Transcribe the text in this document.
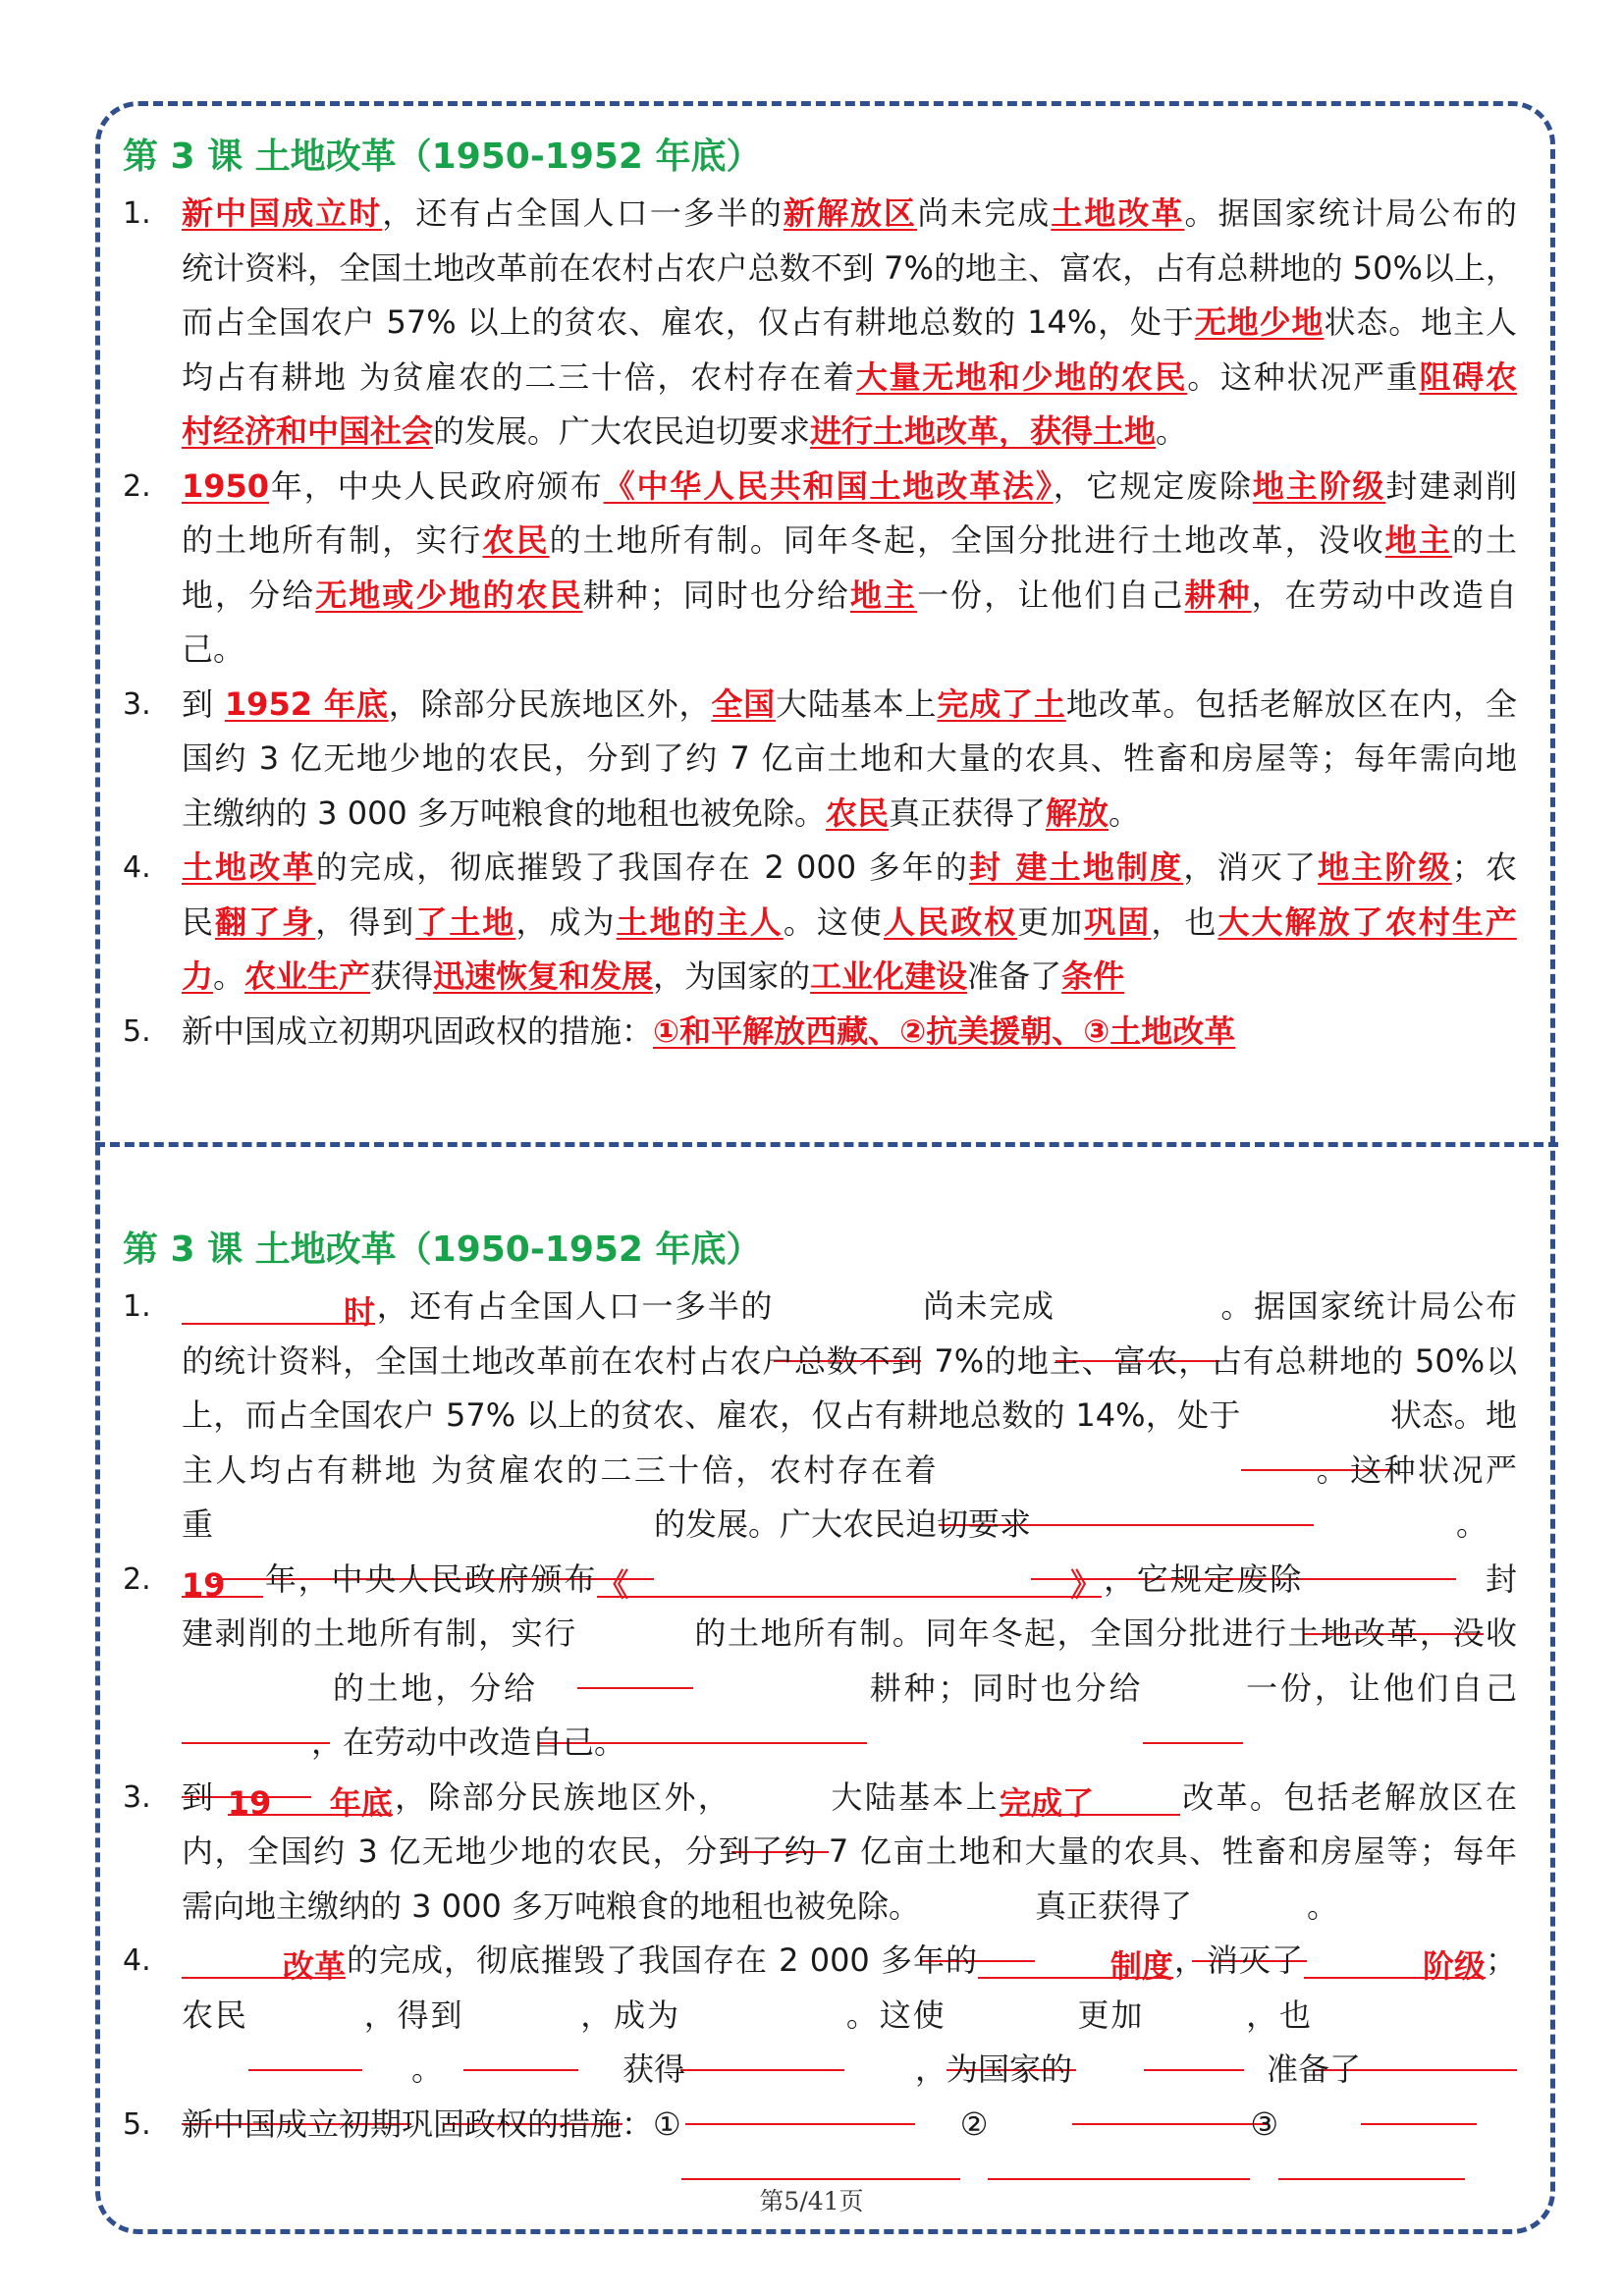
第 3 课 土地改革（1950-1952 年底）
1. 新中国成立时，还有占全国人口一多半的新解放区尚未完成土地改革。据国家统计局公布的
统计资料，全国土地改革前在农村占农户总数不到 7%的地主、富农，占有总耕地的 50%以上，
而占全国农户 57% 以上的贫农、雇农，仅占有耕地总数的 14%，处于无地少地状态。地主人
均占有耕地 为贫雇农的二三十倍，农村存在着大量无地和少地的农民。这种状况严重阻碍农
村经济和中国社会的发展。广大农民迫切要求进行土地改革，获得土地。
2. 1950年，中央人民政府颁布《中华人民共和国土地改革法》，它规定废除地主阶级封建剥削
的土地所有制，实行农民的土地所有制。同年冬起，全国分批进行土地改革，没收地主的土
地，分给无地或少地的农民耕种；同时也分给地主一份，让他们自己耕种，在劳动中改造自
己。
3. 到 1952 年底，除部分民族地区外，全国大陆基本上完成了土地改革。包括老解放区在内，全
国约 3 亿无地少地的农民，分到了约 7 亿亩土地和大量的农具、牲畜和房屋等；每年需向地
主缴纳的 3 000 多万吨粮食的地租也被免除。农民真正获得了解放。
4. 土地改革的完成，彻底摧毁了我国存在 2 000 多年的封 建土地制度，消灭了地主阶级；农
民翻了身，得到了土地，成为土地的主人。这使人民政权更加巩固，也大大解放了农村生产
力。农业生产获得迅速恢复和发展，为国家的工业化建设准备了条件
5. 新中国成立初期巩固政权的措施：①和平解放西藏、②抗美援朝、③土地改革
第 3 课 土地改革（1950-1952 年底）
1.	时 ，还有占全国人口一多半的	尚未完成	。据国家统计局公布
的统计资料，全国土地改革前在农村占农户总数不到 7%的地主、富农，占有总耕地的 50%以
上，而占全国农户 57% 以上的贫农、雇农，仅占有耕地总数的 14%，处于	状态。地
主人均占有耕地 为贫雇农的二三十倍，农村存在着	。这种状况严
重	的发展。广大农民迫切要求	。
2. 19 年，中央人民政府颁布 《	》 ，它规定废除	封
建剥削的土地所有制，实行	的土地所有制。同年冬起，全国分批进行土地改革，没收
的土地，分给	耕种；同时也分给	一份，让他们自己
，在劳动中改造自己。
3. 到 19 年底 ，除部分民族地区外，	大陆基本上 完成了	改革。包括老解放区在
内，全国约 3 亿无地少地的农民，分到了约 7 亿亩土地和大量的农具、牲畜和房屋等；每年
需向地主缴纳的 3 000 多万吨粮食的地租也被免除。	真正获得了	。
4.	改革 的完成，彻底摧毁了我国存在 2 000 多年的	制度 ，消灭了	阶级 ；
农民	，得到	，成为	。这使	更加	，也
。	获得	，为国家的	准备了
5. 新中国成立初期巩固政权的措施：①	②	③
第5/41页
